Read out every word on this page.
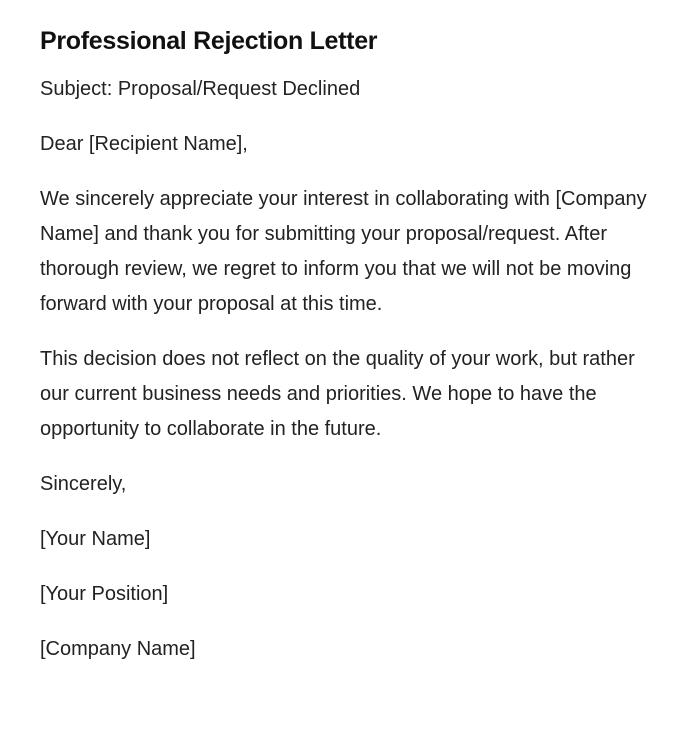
Professional Rejection Letter

Subject: Proposal/Request Declined

Dear [Recipient Name],

We sincerely appreciate your interest in collaborating with [Company Name] and thank you for submitting your proposal/request. After thorough review, we regret to inform you that we will not be moving forward with your proposal at this time.

This decision does not reflect on the quality of your work, but rather our current business needs and priorities. We hope to have the opportunity to collaborate in the future.

Sincerely,

[Your Name]

[Your Position]

[Company Name]
